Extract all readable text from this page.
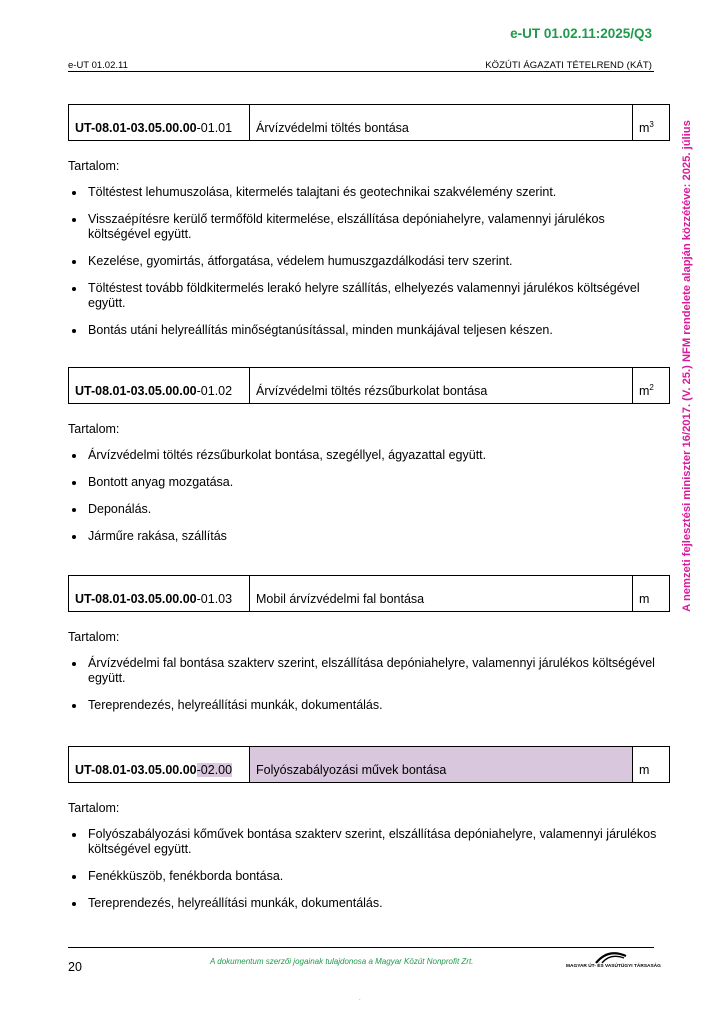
e-UT 01.02.11:2025/Q3
e-UT 01.02.11	KÖZÚTI ÁGAZATI TÉTELREND (KÁT)
A nemzeti fejlesztési miniszter 16/2017. (V. 25.) NFM rendelete alapján közzétéve: 2025. július
UT-08.01-03.05.00.00-01.01	Árvízvédelmi töltés bontása	$m^3$

Tartalom:

• Töltéstest lehumuszolása, kitermelés talajtani és geotechnikai szakvélemény szerint.
• Visszaépítésre kerülő termőföld kitermelése, elszállítása depóniahelyre, valamennyi járulékos költségével együtt.
• Kezelése, gyomirtás, átforgatása, védelem humuszgazdálkodási terv szerint.
• Töltéstest tovább földkitermelés lerakó helyre szállítás, elhelyezés valamennyi járulékos költségével együtt.
• Bontás utáni helyreállítás minőségtanúsítással, minden munkájával teljesen készen.
UT-08.01-03.05.00.00-01.02	Árvízvédelmi töltés rézsűburkolat bontása	$m^2$

Tartalom:

• Árvízvédelmi töltés rézsűburkolat bontása, szegéllyel, ágyazattal együtt.
• Bontott anyag mozgatása.
• Deponálás.
• Járműre rakása, szállítás
UT-08.01-03.05.00.00-01.03	Mobil árvízvédelmi fal bontása	m

Tartalom:

• Árvízvédelmi fal bontása szakterv szerint, elszállítása depóniahelyre, valamennyi járulékos költségével együtt.
• Tereprendezés, helyreállítási munkák, dokumentálás.
UT-08.01-03.05.00.00-02.00	Folyószabályozási művek bontása	m

Tartalom:

• Folyószabályozási kőművek bontása szakterv szerint, elszállítása depóniahelyre, valamennyi járulékos költségével együtt.
• Fenékküszöb, fenékborda bontása.
• Tereprendezés, helyreállítási munkák, dokumentálás.
20	A dokumentum szerzői jogainak tulajdonosa a Magyar Közút Nonprofit Zrt.
MAGYAR ÚT- ÉS VASÚTÜGYI TÁRSASÁG
.
